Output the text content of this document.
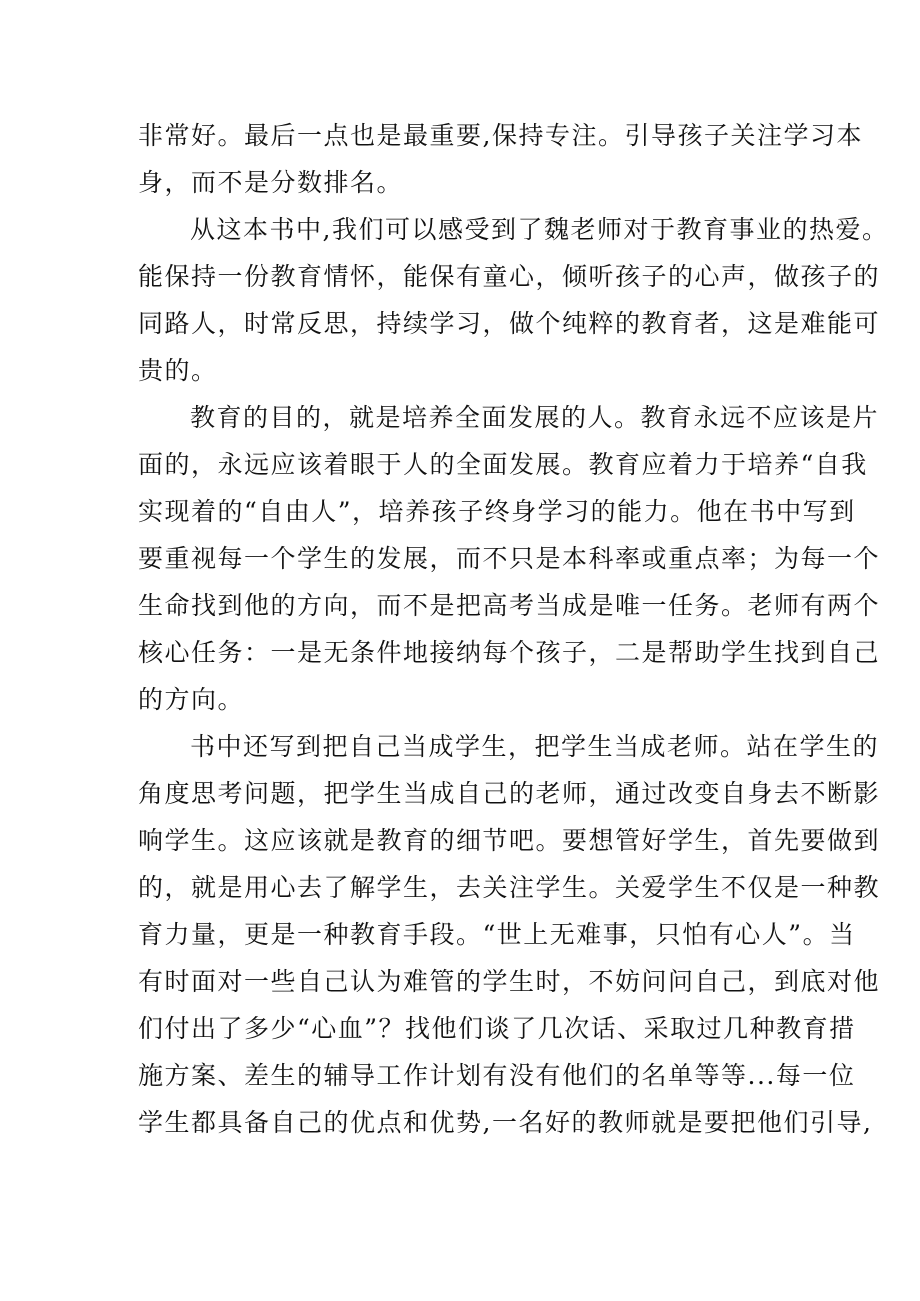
非常好。最后一点也是最重要,保持专注。引导孩子关注学习本
身，而不是分数排名。
从这本书中,我们可以感受到了魏老师对于教育事业的热爱。
能保持一份教育情怀，能保有童心，倾听孩子的心声，做孩子的
同路人，时常反思，持续学习，做个纯粹的教育者，这是难能可
贵的。
教育的目的，就是培养全面发展的人。教育永远不应该是片
面的，永远应该着眼于人的全面发展。教育应着力于培养“自我
实现着的“自由人”，培养孩子终身学习的能力。他在书中写到
要重视每一个学生的发展，而不只是本科率或重点率；为每一个
生命找到他的方向，而不是把高考当成是唯一任务。老师有两个
核心任务：一是无条件地接纳每个孩子，二是帮助学生找到自己
的方向。
书中还写到把自己当成学生，把学生当成老师。站在学生的
角度思考问题，把学生当成自己的老师，通过改变自身去不断影
响学生。这应该就是教育的细节吧。要想管好学生，首先要做到
的，就是用心去了解学生，去关注学生。关爱学生不仅是一种教
育力量，更是一种教育手段。“世上无难事，只怕有心人”。当
有时面对一些自己认为难管的学生时，不妨问问自己，到底对他
们付出了多少“心血”？找他们谈了几次话、采取过几种教育措
施方案、差生的辅导工作计划有没有他们的名单等等...每一位
学生都具备自己的优点和优势,一名好的教师就是要把他们引导,
